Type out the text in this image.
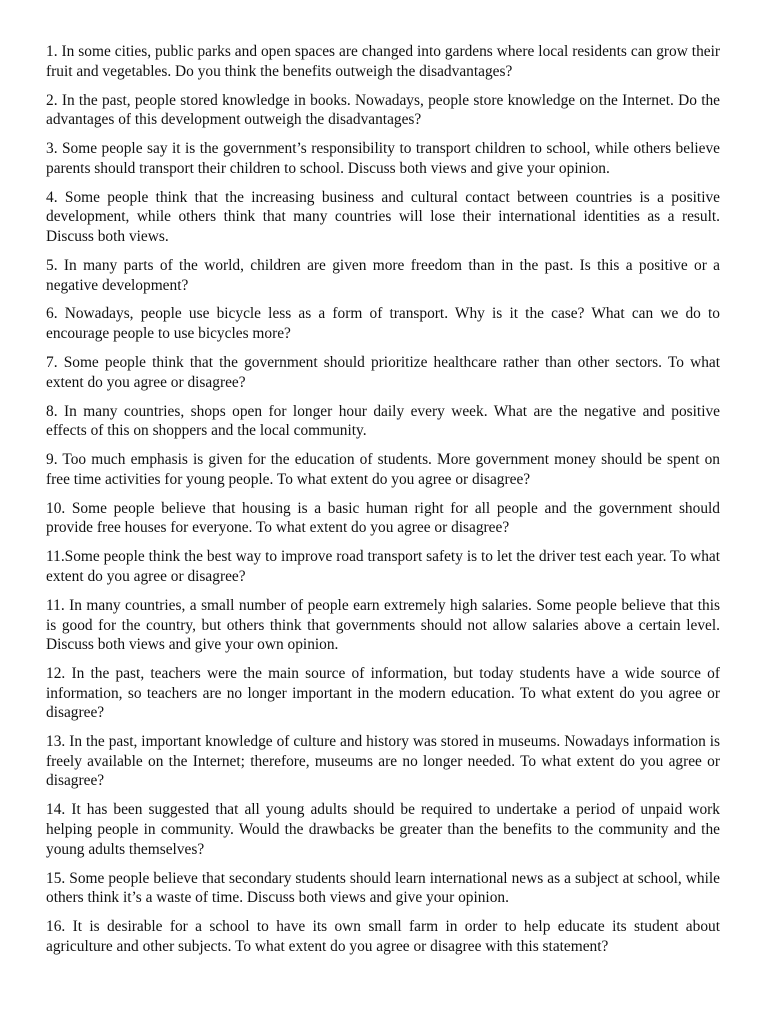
1. In some cities, public parks and open spaces are changed into gardens where local residents can grow their fruit and vegetables. Do you think the benefits outweigh the disadvantages?

2. In the past, people stored knowledge in books. Nowadays, people store knowledge on the Internet. Do the advantages of this development outweigh the disadvantages?

3. Some people say it is the government’s responsibility to transport children to school, while others believe parents should transport their children to school. Discuss both views and give your opinion.

4. Some people think that the increasing business and cultural contact between countries is a positive development, while others think that many countries will lose their international identities as a result. Discuss both views.

5. In many parts of the world, children are given more freedom than in the past. Is this a positive or a negative development?

6. Nowadays, people use bicycle less as a form of transport. Why is it the case? What can we do to encourage people to use bicycles more?

7. Some people think that the government should prioritize healthcare rather than other sectors. To what extent do you agree or disagree?

8. In many countries, shops open for longer hour daily every week. What are the negative and positive effects of this on shoppers and the local community.

9. Too much emphasis is given for the education of students. More government money should be spent on free time activities for young people. To what extent do you agree or disagree?

10. Some people believe that housing is a basic human right for all people and the government should provide free houses for everyone. To what extent do you agree or disagree?

11.Some people think the best way to improve road transport safety is to let the driver test each year. To what extent do you agree or disagree?

11. In many countries, a small number of people earn extremely high salaries. Some people believe that this is good for the country, but others think that governments should not allow salaries above a certain level. Discuss both views and give your own opinion.

12. In the past, teachers were the main source of information, but today students have a wide source of information, so teachers are no longer important in the modern education. To what extent do you agree or disagree?

13. In the past, important knowledge of culture and history was stored in museums. Nowadays information is freely available on the Internet; therefore, museums are no longer needed. To what extent do you agree or disagree?

14. It has been suggested that all young adults should be required to undertake a period of unpaid work helping people in community. Would the drawbacks be greater than the benefits to the community and the young adults themselves?

15. Some people believe that secondary students should learn international news as a subject at school, while others think it’s a waste of time. Discuss both views and give your opinion.

16. It is desirable for a school to have its own small farm in order to help educate its student about agriculture and other subjects. To what extent do you agree or disagree with this statement?
